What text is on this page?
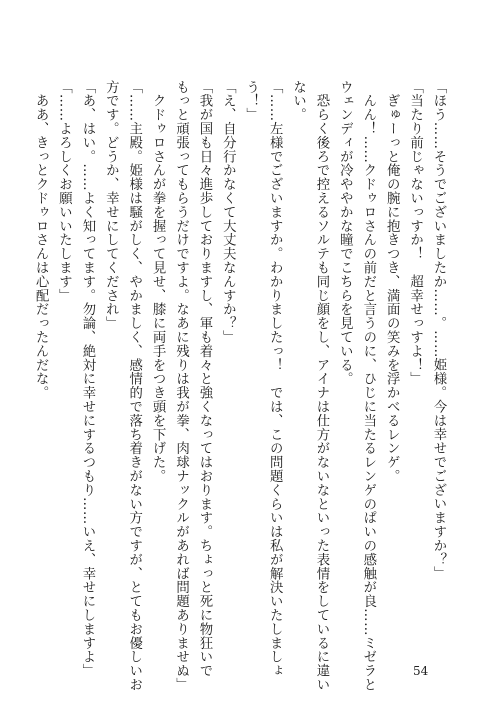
「ほう……そうでございましたか……。……姫様。今は幸せでございますか？」
「当たり前じゃないっすか！　超幸せっすよ！」
　ぎゅーっと俺の腕に抱きつき、満面の笑みを浮かべるレンゲ。
　んん！……クドゥロさんの前だと言うのに、ひじに当たるレンゲのぱいの感触が良……ミゼラと
ウェンディが冷ややかな瞳でこちらを見ている。
　恐らく後ろで控えるソルテも同じ顔をし、アイナは仕方がないなといった表情をしているに違い
ない。
「……左様でございますか。わかりましたっ！　では、この問題くらいは私が解決いたしましょ
う！」
「え、自分行かなくて大丈夫なんすか？」
「我が国も日々進歩しておりますし、軍も着々と強くなってはおります。ちょっと死に物狂いで
もっと頑張ってもらうだけですよ。なあに残りは我が拳、肉球ナックルがあれば問題ありませぬ」
　クドゥロさんが拳を握って見せ、膝に両手をつき頭を下げた。
「……主殿。姫様は騒がしく、やかましく、感情的で落ち着きがない方ですが、とてもお優しいお
方です。どうか、幸せにしてくだされ」
「あ、はい。……よく知ってます。勿論、絶対に幸せにするつもり……いえ、幸せにしますよ」
「……よろしくお願いいたします」
　ああ、きっとクドゥロさんは心配だったんだな。
54
